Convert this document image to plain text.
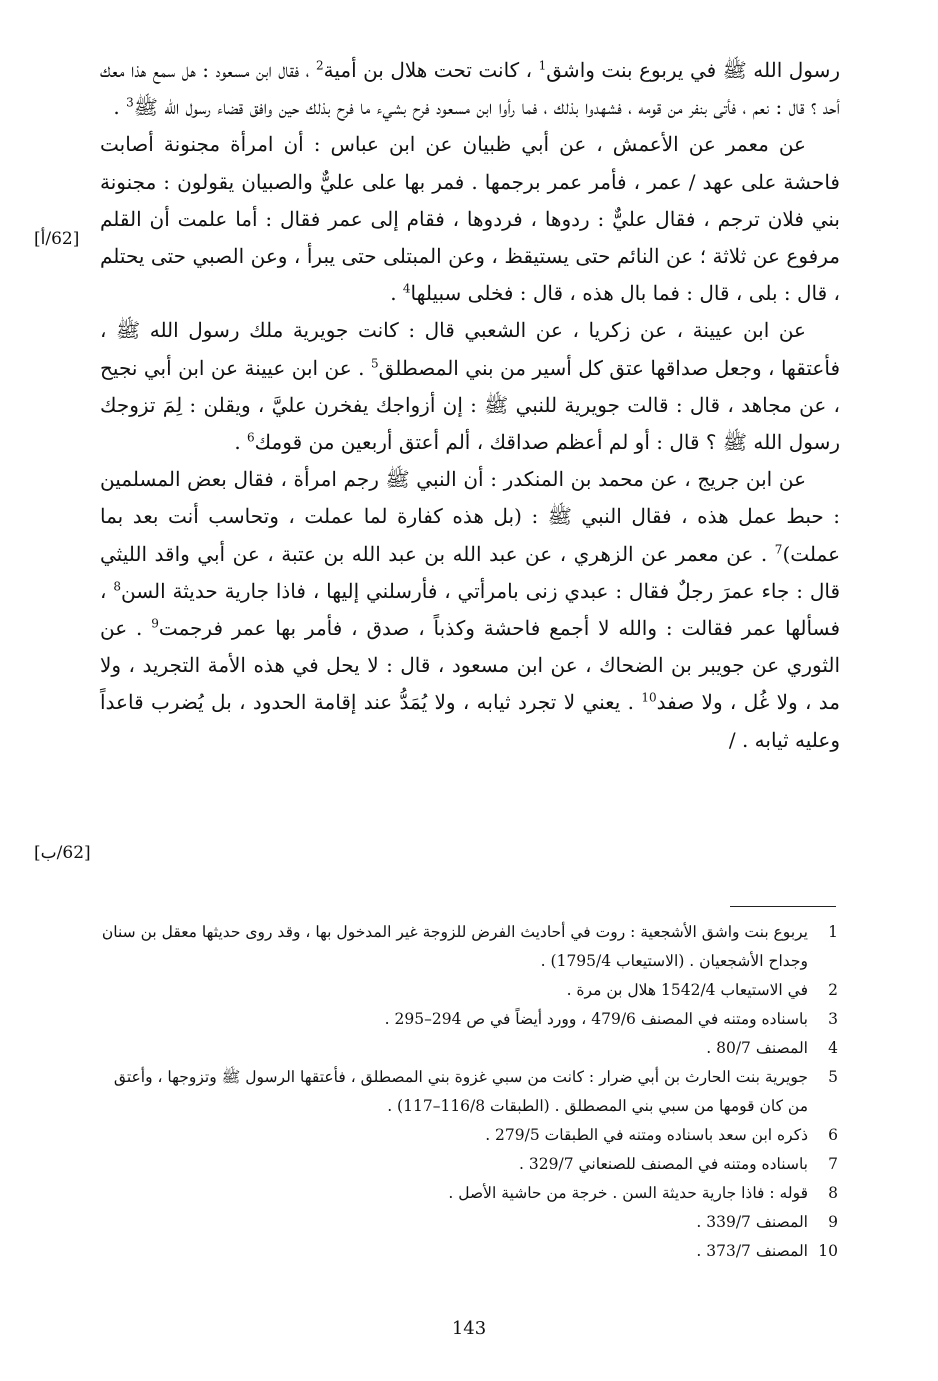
رسول الله ﷺ في يربوع بنت واشق$^1$ ، كانت تحت هلال بن أمية$^2$ ، فقال ابن مسعود : هل سمع هذا معك أحد ؟ قال : نعم ، فأتى بنفر من قومه ، فشهدوا بذلك ، فما رأوا ابن مسعود فرح بشيء ما فرح بذلك حين وافق قضاء رسول الله ﷺ$^3$ .

عن معمر عن الأعمش ، عن أبي ظبيان عن ابن عباس : أن امرأة مجنونة أصابت فاحشة على عهد / عمر ، فأمر عمر برجمها . فمر بها على عليٌّ والصبيان يقولون : مجنونة بني فلان ترجم ، فقال عليٌّ : ردوها ، فردوها ، فقام إلى عمر فقال : أما علمت أن القلم مرفوع عن ثلاثة ؛ عن النائم حتى يستيقظ ، وعن المبتلى حتى يبرأ ، وعن الصبي حتى يحتلم ، قال : بلى ، قال : فما بال هذه ، قال : فخلى سبيلها$^4$ .

عن ابن عيينة ، عن زكريا ، عن الشعبي قال : كانت جويرية ملك رسول الله ﷺ ، فأعتقها ، وجعل صداقها عتق كل أسير من بني المصطلق$^5$ . عن ابن عيينة عن ابن أبي نجيح ، عن مجاهد ، قال : قالت جويرية للنبي ﷺ : إن أزواجك يفخرن عليَّ ، ويقلن : لِمَ تزوجك رسول الله ﷺ ؟ قال : أو لم أعظم صداقك ، ألم أعتق أربعين من قومك$^6$ .

عن ابن جريج ، عن محمد بن المنكدر : أن النبي ﷺ رجم امرأة ، فقال بعض المسلمين : حبط عمل هذه ، فقال النبي ﷺ : (بل هذه كفارة لما عملت ، وتحاسب أنت بعد بما عملت)$^7$ . عن معمر عن الزهري ، عن عبد الله بن عبد الله بن عتبة ، عن أبي واقد الليثي قال : جاء عمرَ رجلٌ فقال : عبدي زنى بامرأتي ، فأرسلني إليها ، فاذا جارية حديثة السن$^8$ ، فسألها عمر فقالت : والله لا أجمع فاحشة وكذباً ، صدق ، فأمر بها عمر فرجمت$^9$ . عن الثوري عن جويبر بن الضحاك ، عن ابن مسعود ، قال : لا يحل في هذه الأمة التجريد ، ولا مد ، ولا غُل ، ولا صفد$^{10}$ . يعني لا تجرد ثيابه ، ولا يُمَدُّ عند إقامة الحدود ، بل يُضرب قاعداً وعليه ثيابه . /

[62/أ]
[62/ب]
1
يربوع بنت واشق الأشجعية : روت في أحاديث الفرض للزوجة غير المدخول بها ، وقد روى حديثها معقل بن سنان وجداح الأشجعيان . (الاستيعاب 1795/4) .
2
في الاستيعاب 1542/4 هلال بن مرة .
3
باسناده ومتنه في المصنف 479/6 ، وورد أيضاً في ص 294–295 .
4
المصنف 80/7 .
5
جويرية بنت الحارث بن أبي ضرار : كانت من سبي غزوة بني المصطلق ، فأعتقها الرسول ﷺ وتزوجها ، وأعتق من كان قومها من سبي بني المصطلق . (الطبقات 116/8–117) .
6
ذكره ابن سعد باسناده ومتنه في الطبقات 279/5 .
7
باسناده ومتنه في المصنف للصنعاني 329/7 .
8
قوله : فاذا جارية حديثة السن . خرجة من حاشية الأصل .
9
المصنف 339/7 .
10
المصنف 373/7 .
143
